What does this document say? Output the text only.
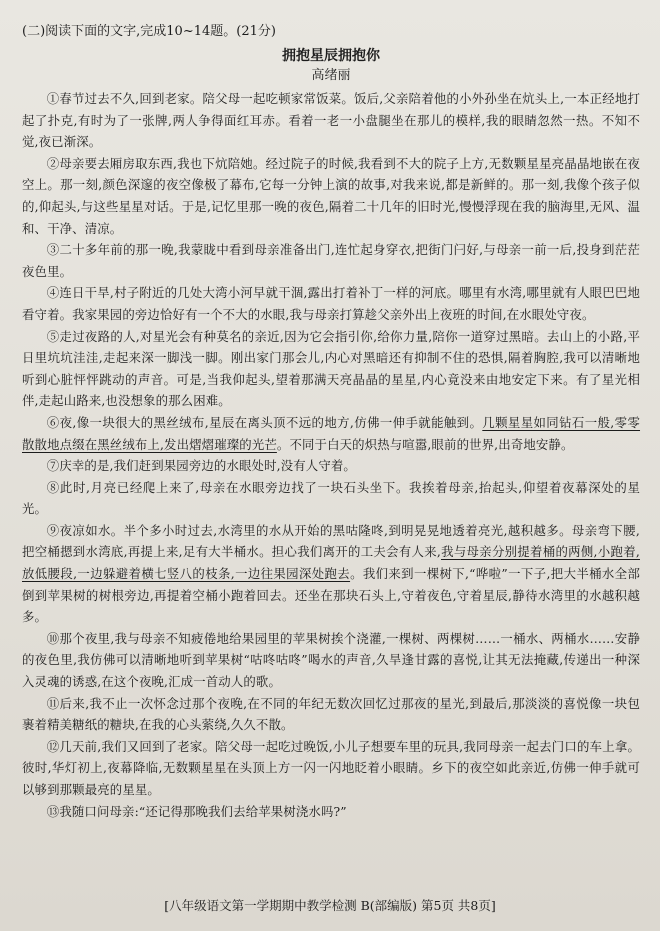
(二)阅读下面的文字,完成10~14题。(21分)
拥抱星辰拥抱你
高绪丽

①春节过去不久,回到老家。陪父母一起吃顿家常饭菜。饭后,父亲陪着他的小外孙坐在炕头上,一本正经地打起了扑克,有时为了一张牌,两人争得面红耳赤。看着一老一小盘腿坐在那儿的模样,我的眼睛忽然一热。不知不觉,夜已渐深。

②母亲要去厢房取东西,我也下炕陪她。经过院子的时候,我看到不大的院子上方,无数颗星星亮晶晶地嵌在夜空上。那一刻,颜色深邃的夜空像极了幕布,它每一分钟上演的故事,对我来说,都是新鲜的。那一刻,我像个孩子似的,仰起头,与这些星星对话。于是,记忆里那一晚的夜色,隔着二十几年的旧时光,慢慢浮现在我的脑海里,无风、温和、干净、清凉。

③二十多年前的那一晚,我蒙眬中看到母亲准备出门,连忙起身穿衣,把街门闩好,与母亲一前一后,投身到茫茫夜色里。

④连日干旱,村子附近的几处大湾小河早就干涸,露出打着补丁一样的河底。哪里有水湾,哪里就有人眼巴巴地看守着。我家果园的旁边恰好有一个不大的水眼,我与母亲打算趁父亲外出上夜班的时间,在水眼处守夜。

⑤走过夜路的人,对星光会有种莫名的亲近,因为它会指引你,给你力量,陪你一道穿过黑暗。去山上的小路,平日里坑坑洼洼,走起来深一脚浅一脚。刚出家门那会儿,内心对黑暗还有抑制不住的恐惧,隔着胸腔,我可以清晰地听到心脏怦怦跳动的声音。可是,当我仰起头,望着那满天亮晶晶的星星,内心竟没来由地安定下来。有了星光相伴,走起山路来,也没想象的那么困难。

⑥夜,像一块很大的黑丝绒布,星辰在离头顶不远的地方,仿佛一伸手就能触到。几颗星星如同钻石一般,零零散散地点缀在黑丝绒布上,发出熠熠璀璨的光芒。不同于白天的炽热与喧嚣,眼前的世界,出奇地安静。

⑦庆幸的是,我们赶到果园旁边的水眼处时,没有人守着。

⑧此时,月亮已经爬上来了,母亲在水眼旁边找了一块石头坐下。我挨着母亲,抬起头,仰望着夜幕深处的星光。

⑨夜凉如水。半个多小时过去,水湾里的水从开始的黑咕隆咚,到明晃晃地透着亮光,越积越多。母亲弯下腰,把空桶摁到水湾底,再提上来,足有大半桶水。担心我们离开的工夫会有人来,我与母亲分别提着桶的两侧,小跑着,放低腰段,一边躲避着横七竖八的枝条,一边往果园深处跑去。我们来到一棵树下,“哗啦”一下子,把大半桶水全部倒到苹果树的树根旁边,再提着空桶小跑着回去。还坐在那块石头上,守着夜色,守着星辰,静待水湾里的水越积越多。

⑩那个夜里,我与母亲不知疲倦地给果园里的苹果树挨个浇灌,一棵树、两棵树……一桶水、两桶水……安静的夜色里,我仿佛可以清晰地听到苹果树“咕咚咕咚”喝水的声音,久旱逢甘露的喜悦,让其无法掩藏,传递出一种深入灵魂的诱惑,在这个夜晚,汇成一首动人的歌。

⑪后来,我不止一次怀念过那个夜晚,在不同的年纪无数次回忆过那夜的星光,到最后,那淡淡的喜悦像一块包裹着精美糖纸的糖块,在我的心头萦绕,久久不散。

⑫几天前,我们又回到了老家。陪父母一起吃过晚饭,小儿子想要车里的玩具,我同母亲一起去门口的车上拿。彼时,华灯初上,夜幕降临,无数颗星星在头顶上方一闪一闪地眨着小眼睛。乡下的夜空如此亲近,仿佛一伸手就可以够到那颗最亮的星星。

⑬我随口问母亲:“还记得那晚我们去给苹果树浇水吗?”

[八年级语文第一学期期中教学检测 B(部编版) 第5页 共8页]
